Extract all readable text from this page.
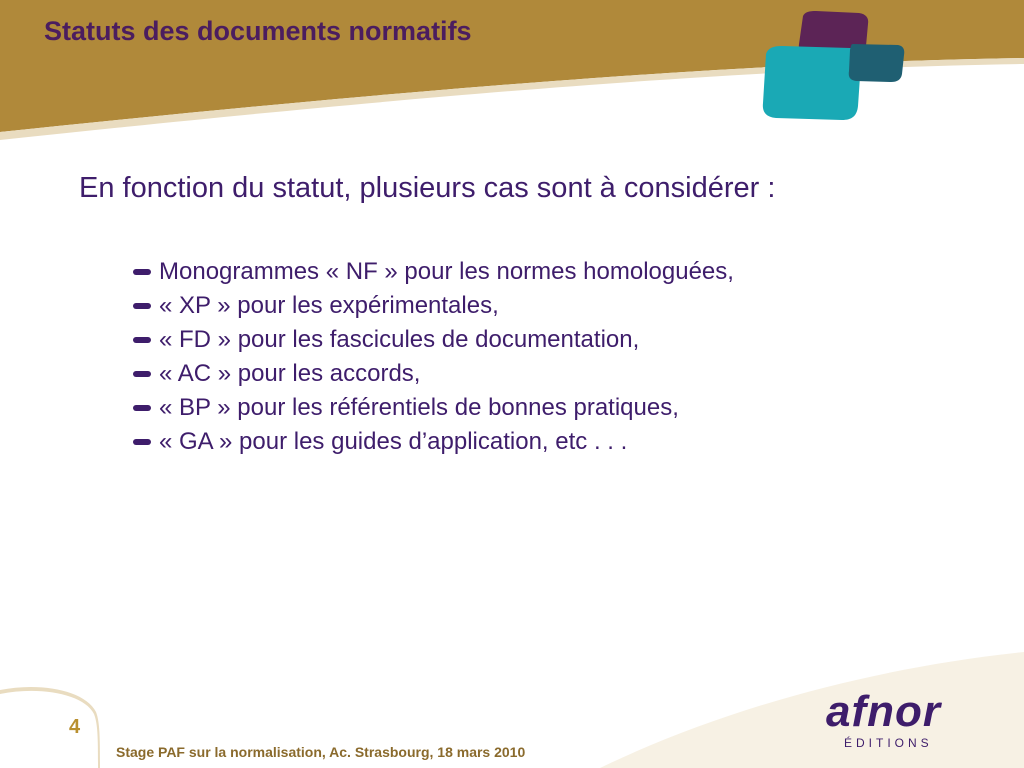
Statuts des documents normatifs
En fonction du statut, plusieurs cas sont à considérer :
Monogrammes « NF » pour les normes homologuées,
« XP » pour les expérimentales,
« FD » pour les fascicules de documentation,
« AC » pour les accords,
« BP » pour les référentiels de bonnes pratiques,
« GA » pour les guides d’application, etc . . .
4
Stage PAF sur la normalisation, Ac. Strasbourg, 18 mars 2010
afnor
ÉDITIONS
